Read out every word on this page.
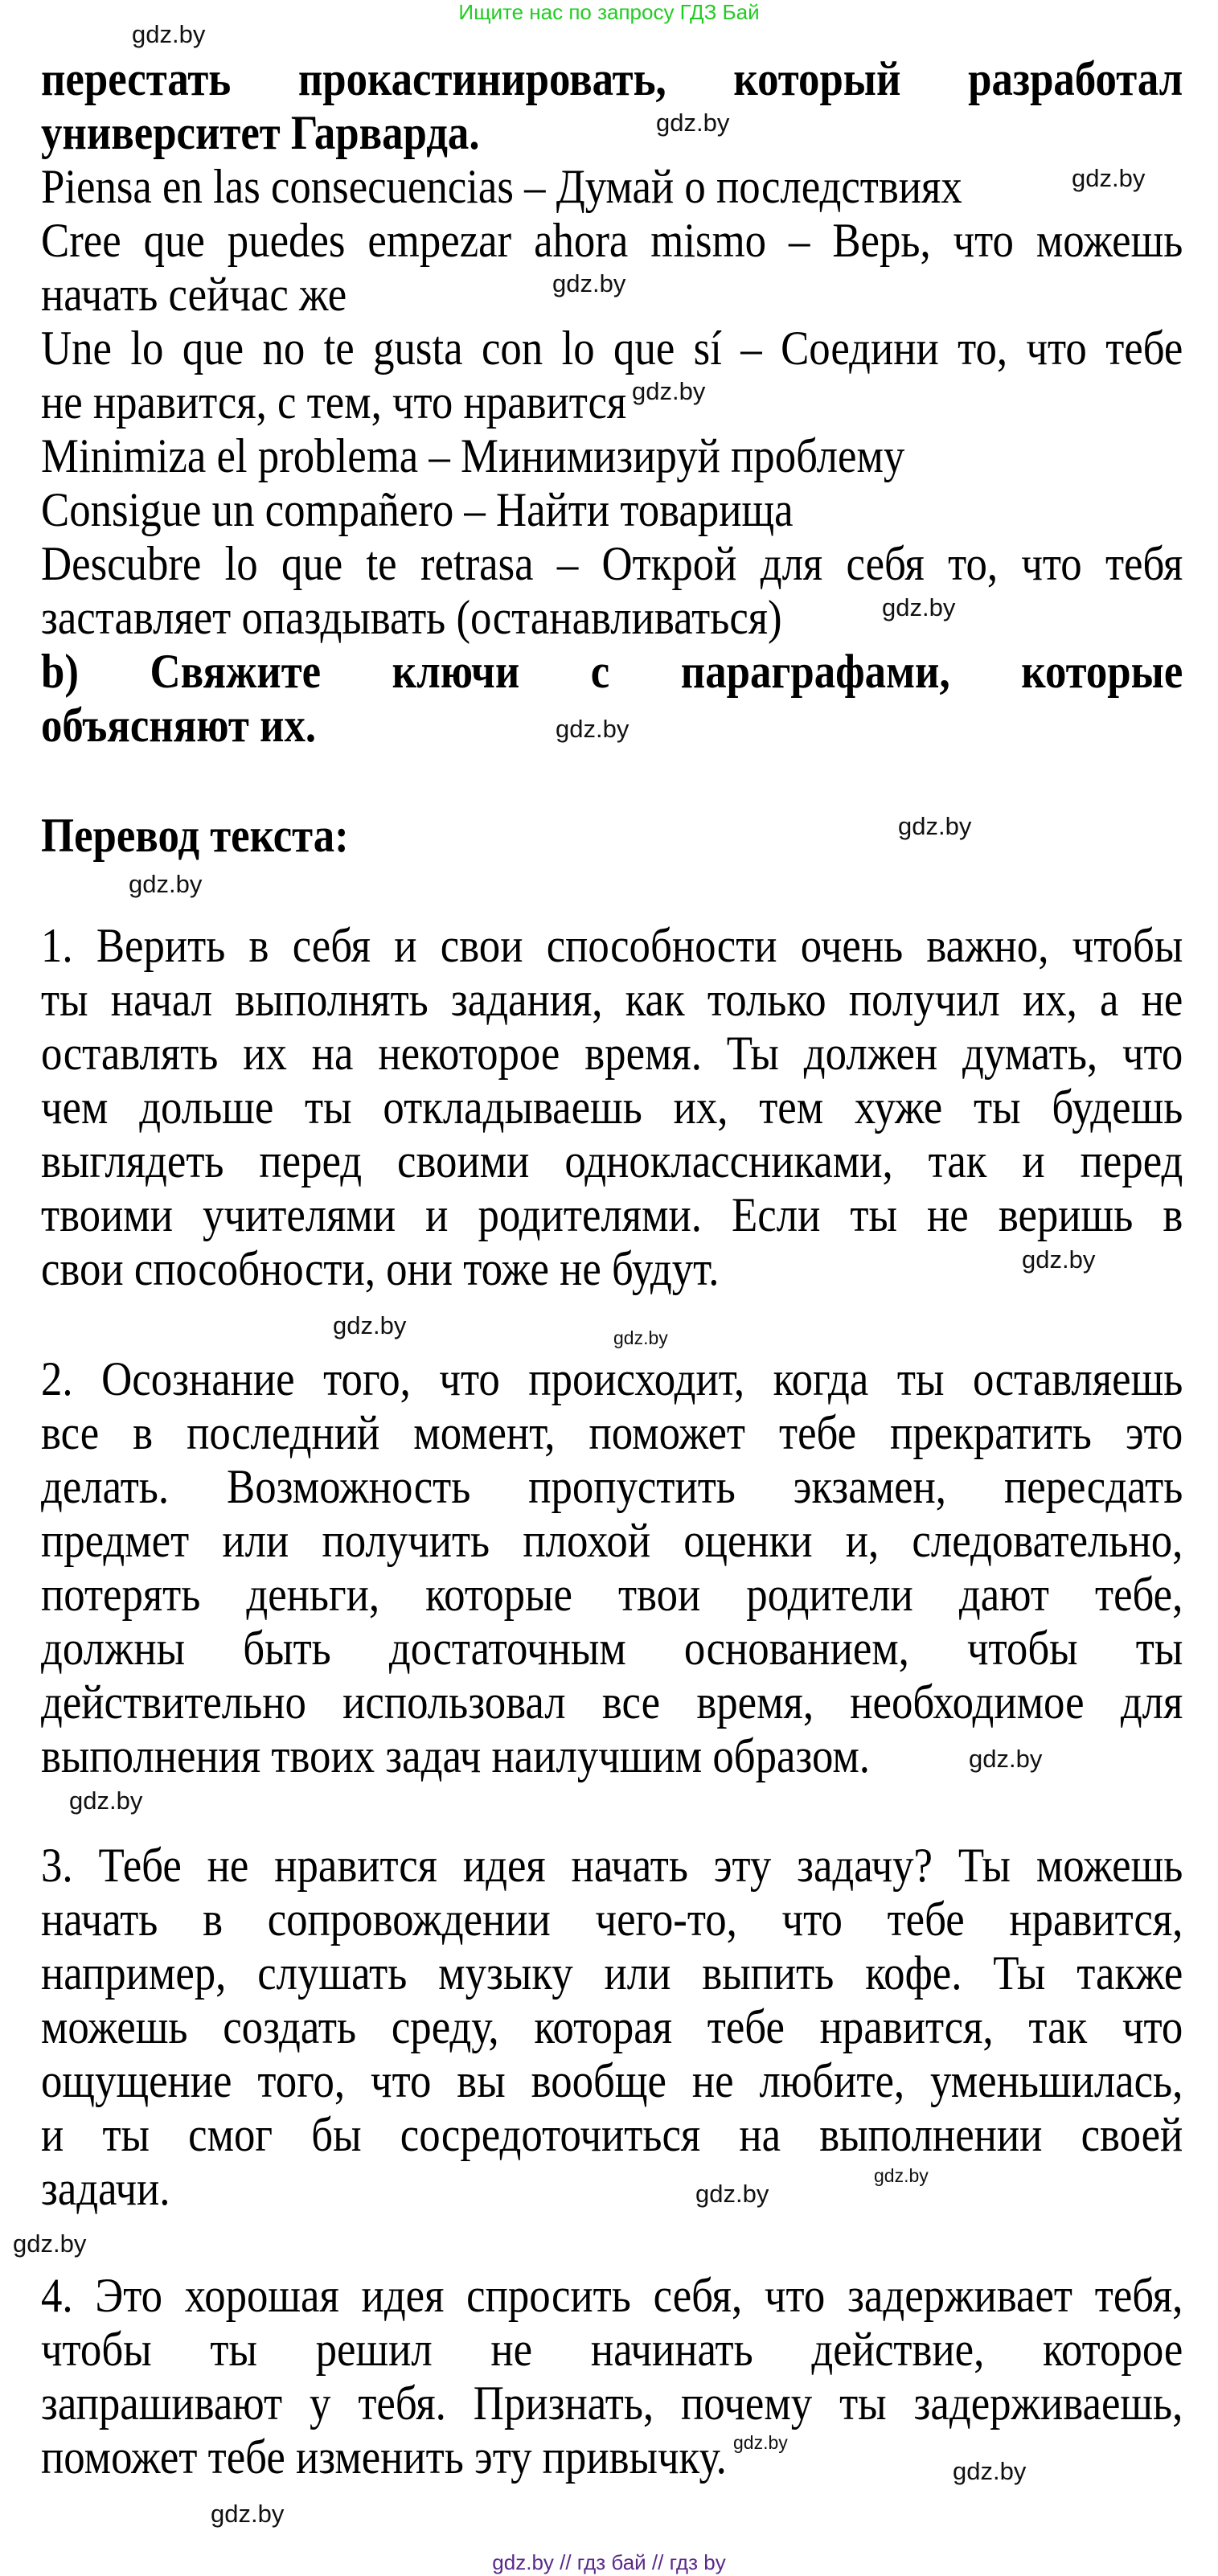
Ищите нас по запросу ГДЗ Бай
перестать прокастинировать, который разработал
университет Гарварда.
Piensa en las consecuencias – Думай о последствиях
Cree que puedes empezar ahora mismo – Верь, что можешь
начать сейчас же
Une lo que no te gusta con lo que sí – Соедини то, что тебе
не нравится, с тем, что нравится
Minimiza el problema – Минимизируй проблему
Consigue un compañero – Найти товарища
Descubre lo que te retrasa – Открой для себя то, что тебя
заставляет опаздывать (останавливаться)
b) Свяжите ключи с параграфами, которые
объясняют их.
Перевод текста:
1. Верить в себя и свои способности очень важно, чтобы
ты начал выполнять задания, как только получил их, а не
оставлять их на некоторое время. Ты должен думать, что
чем дольше ты откладываешь их, тем хуже ты будешь
выглядеть перед своими одноклассниками, так и перед
твоими учителями и родителями. Если ты не веришь в
свои способности, они тоже не будут.
2. Осознание того, что происходит, когда ты оставляешь
все в последний момент, поможет тебе прекратить это
делать. Возможность пропустить экзамен, пересдать
предмет или получить плохой оценки и, следовательно,
потерять деньги, которые твои родители дают тебе,
должны быть достаточным основанием, чтобы ты
действительно использовал все время, необходимое для
выполнения твоих задач наилучшим образом.
3. Тебе не нравится идея начать эту задачу? Ты можешь
начать в сопровождении чего-то, что тебе нравится,
например, слушать музыку или выпить кофе. Ты также
можешь создать среду, которая тебе нравится, так что
ощущение того, что вы вообще не любите, уменьшилась,
и ты смог бы сосредоточиться на выполнении своей
задачи.
4. Это хорошая идея спросить себя, что задерживает тебя,
чтобы ты решил не начинать действие, которое
запрашивают у тебя. Признать, почему ты задерживаешь,
поможет тебе изменить эту привычку.
gdz.by // гдз бай // гдз by
gdz.by
gdz.by
gdz.by
gdz.by
gdz.by
gdz.by
gdz.by
gdz.by
gdz.by
gdz.by
gdz.by	gdz.by
gdz.by
gdz.by
gdz.by
gdz.by
gdz.by
gdz.by
gdz.by
gdz.by
